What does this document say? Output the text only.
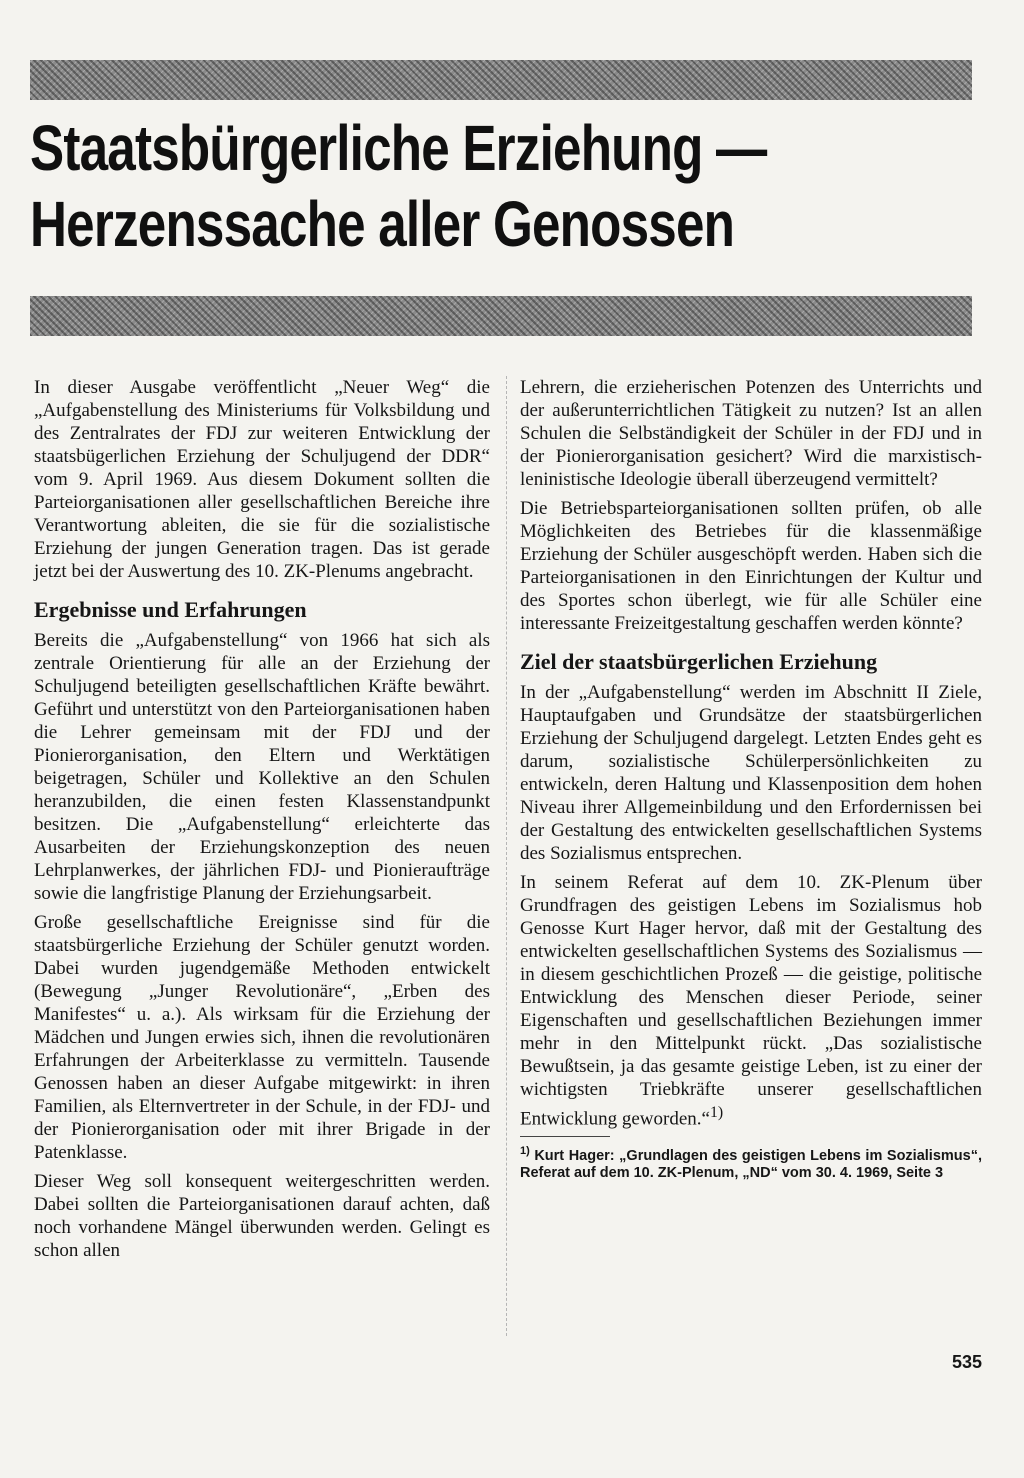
Staatsbürgerliche Erziehung —
Herzenssache aller Genossen

In dieser Ausgabe veröffentlicht „Neuer Weg“ die „Aufgabenstellung des Ministeriums für Volksbildung und des Zentralrates der FDJ zur weiteren Entwicklung der staatsbügerlichen Erziehung der Schuljugend der DDR“ vom 9. April 1969. Aus diesem Dokument sollten die Parteiorganisationen aller gesellschaftlichen Bereiche ihre Verantwortung ableiten, die sie für die sozialistische Erziehung der jungen Generation tragen. Das ist gerade jetzt bei der Auswertung des 10. ZK-Plenums angebracht.

Ergebnisse und Erfahrungen

Bereits die „Aufgabenstellung“ von 1966 hat sich als zentrale Orientierung für alle an der Erziehung der Schuljugend beteiligten gesellschaftlichen Kräfte bewährt. Geführt und unterstützt von den Parteiorganisationen haben die Lehrer gemeinsam mit der FDJ und der Pionierorganisation, den Eltern und Werktätigen beigetragen, Schüler und Kollektive an den Schulen heranzubilden, die einen festen Klassenstandpunkt besitzen. Die „Aufgabenstellung“ erleichterte das Ausarbeiten der Erziehungskonzeption des neuen Lehrplanwerkes, der jährlichen FDJ- und Pionieraufträge sowie die langfristige Planung der Erziehungsarbeit.

Große gesellschaftliche Ereignisse sind für die staatsbürgerliche Erziehung der Schüler genutzt worden. Dabei wurden jugendgemäße Methoden entwickelt (Bewegung „Junger Revolutionäre“, „Erben des Manifestes“ u. a.). Als wirksam für die Erziehung der Mädchen und Jungen erwies sich, ihnen die revolutionären Erfahrungen der Arbeiterklasse zu vermitteln. Tausende Genossen haben an dieser Aufgabe mitgewirkt: in ihren Familien, als Elternvertreter in der Schule, in der FDJ- und der Pionierorganisation oder mit ihrer Brigade in der Patenklasse.

Dieser Weg soll konsequent weitergeschritten werden. Dabei sollten die Parteiorganisationen darauf achten, daß noch vorhandene Mängel überwunden werden. Gelingt es schon allen

Lehrern, die erzieherischen Potenzen des Unterrichts und der außerunterrichtlichen Tätigkeit zu nutzen? Ist an allen Schulen die Selbständigkeit der Schüler in der FDJ und in der Pionierorganisation gesichert? Wird die marxistisch-leninistische Ideologie überall überzeugend vermittelt?

Die Betriebsparteiorganisationen sollten prüfen, ob alle Möglichkeiten des Betriebes für die klassenmäßige Erziehung der Schüler ausgeschöpft werden. Haben sich die Parteiorganisationen in den Einrichtungen der Kultur und des Sportes schon überlegt, wie für alle Schüler eine interessante Freizeitgestaltung geschaffen werden könnte?

Ziel der staatsbürgerlichen Erziehung

In der „Aufgabenstellung“ werden im Abschnitt II Ziele, Hauptaufgaben und Grundsätze der staatsbürgerlichen Erziehung der Schuljugend dargelegt. Letzten Endes geht es darum, sozialistische Schülerpersönlichkeiten zu entwickeln, deren Haltung und Klassenposition dem hohen Niveau ihrer Allgemeinbildung und den Erfordernissen bei der Gestaltung des entwickelten gesellschaftlichen Systems des Sozialismus entsprechen.

In seinem Referat auf dem 10. ZK-Plenum über Grundfragen des geistigen Lebens im Sozialismus hob Genosse Kurt Hager hervor, daß mit der Gestaltung des entwickelten gesellschaftlichen Systems des Sozialismus — in diesem geschichtlichen Prozeß — die geistige, politische Entwicklung des Menschen dieser Periode, seiner Eigenschaften und gesellschaftlichen Beziehungen immer mehr in den Mittelpunkt rückt. „Das sozialistische Bewußtsein, ja das gesamte geistige Leben, ist zu einer der wichtigsten Triebkräfte unserer gesellschaftlichen Entwicklung geworden.“$^{1)}$

$^{1)}$ Kurt Hager: „Grundlagen des geistigen Lebens im Sozialismus“, Referat auf dem 10. ZK-Plenum, „ND“ vom 30. 4. 1969, Seite 3

535
